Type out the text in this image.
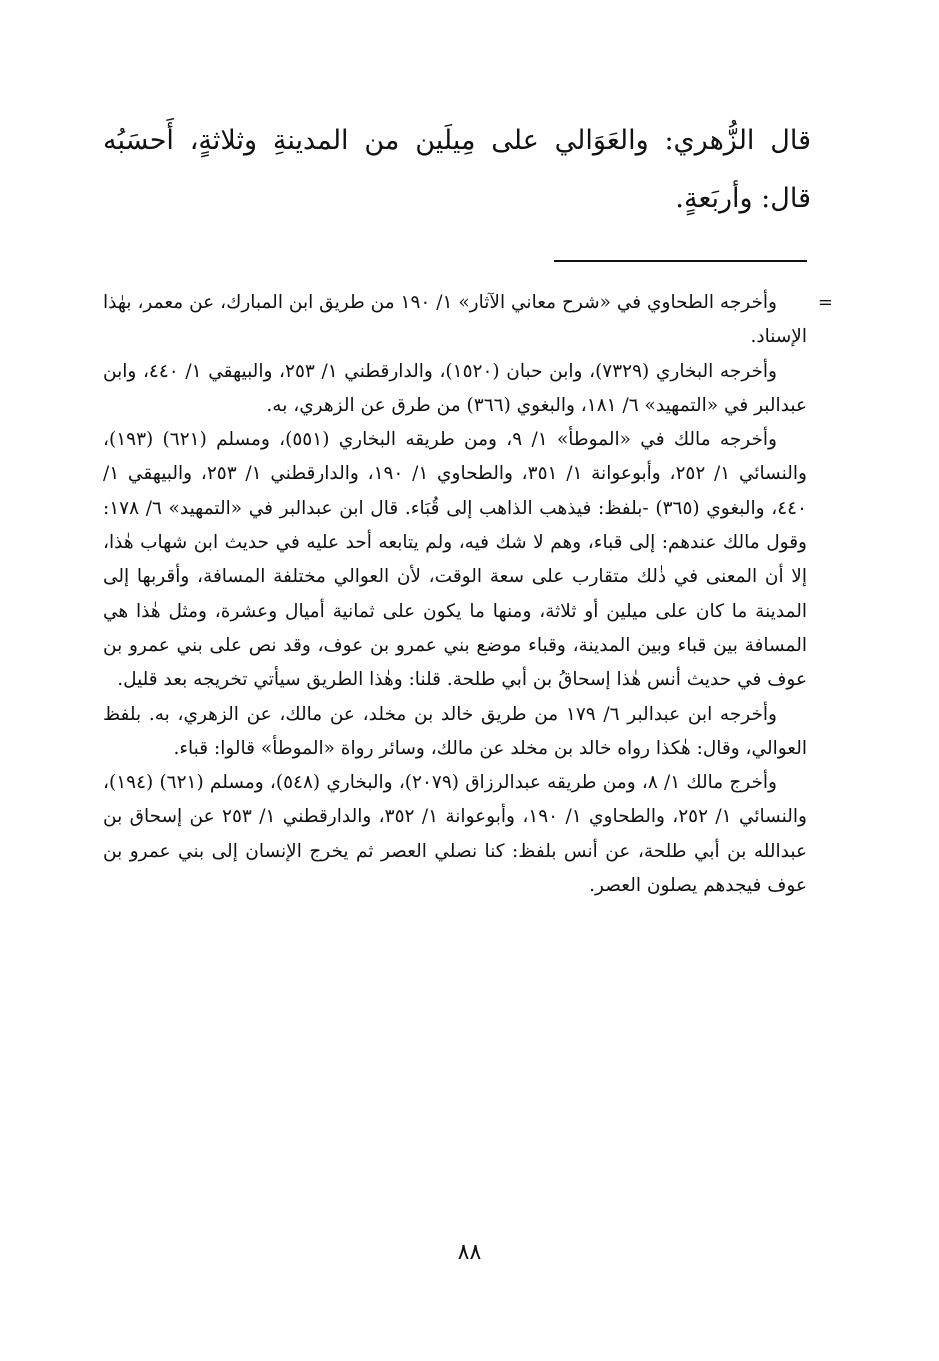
قال الزُّهري: والعَوَالي على مِيلَين من المدينةِ وثلاثةٍ، أَحسَبُه قال: وأربَعةٍ.

=
وأخرجه الطحاوي في «شرح معاني الآثار» ١/ ١٩٠ من طريق ابن المبارك، عن معمر، بهٰذا الإسناد.

وأخرجه البخاري (٧٣٢٩)، وابن حبان (١٥٢٠)، والدارقطني ١/ ٢٥٣، والبيهقي ١/ ٤٤٠، وابن عبدالبر في «التمهيد» ٦/ ١٨١، والبغوي (٣٦٦) من طرق عن الزهري، به.

وأخرجه مالك في «الموطأ» ١/ ٩، ومن طريقه البخاري (٥٥١)، ومسلم (٦٢١) (١٩٣)، والنسائي ١/ ٢٥٢، وأبوعوانة ١/ ٣٥١، والطحاوي ١/ ١٩٠، والدارقطني ١/ ٢٥٣، والبيهقي ١/ ٤٤٠، والبغوي (٣٦٥) -بلفظ: فيذهب الذاهب إلى قُبَاء. قال ابن عبدالبر في «التمهيد» ٦/ ١٧٨: وقول مالك عندهم: إلى قباء، وهم لا شك فيه، ولم يتابعه أحد عليه في حديث ابن شهاب هٰذا، إلا أن المعنى في ذٰلك متقارب على سعة الوقت، لأن العوالي مختلفة المسافة، وأقربها إلى المدينة ما كان على ميلين أو ثلاثة، ومنها ما يكون على ثمانية أميال وعشرة، ومثل هٰذا هي المسافة بين قباء وبين المدينة، وقباء موضع بني عمرو بن عوف، وقد نص على بني عمرو بن عوف في حديث أنس هٰذا إسحاقُ بن أبي طلحة. قلنا: وهٰذا الطريق سيأتي تخريجه بعد قليل.

وأخرجه ابن عبدالبر ٦/ ١٧٩ من طريق خالد بن مخلد، عن مالك، عن الزهري، به. بلفظ العوالي، وقال: هٰكذا رواه خالد بن مخلد عن مالك، وسائر رواة «الموطأ» قالوا: قباء.

وأخرج مالك ١/ ٨، ومن طريقه عبدالرزاق (٢٠٧٩)، والبخاري (٥٤٨)، ومسلم (٦٢١) (١٩٤)، والنسائي ١/ ٢٥٢، والطحاوي ١/ ١٩٠، وأبوعوانة ١/ ٣٥٢، والدارقطني ١/ ٢٥٣ عن إسحاق بن عبدالله بن أبي طلحة، عن أنس بلفظ: كنا نصلي العصر ثم يخرج الإنسان إلى بني عمرو بن عوف فيجدهم يصلون العصر.

٨٨
